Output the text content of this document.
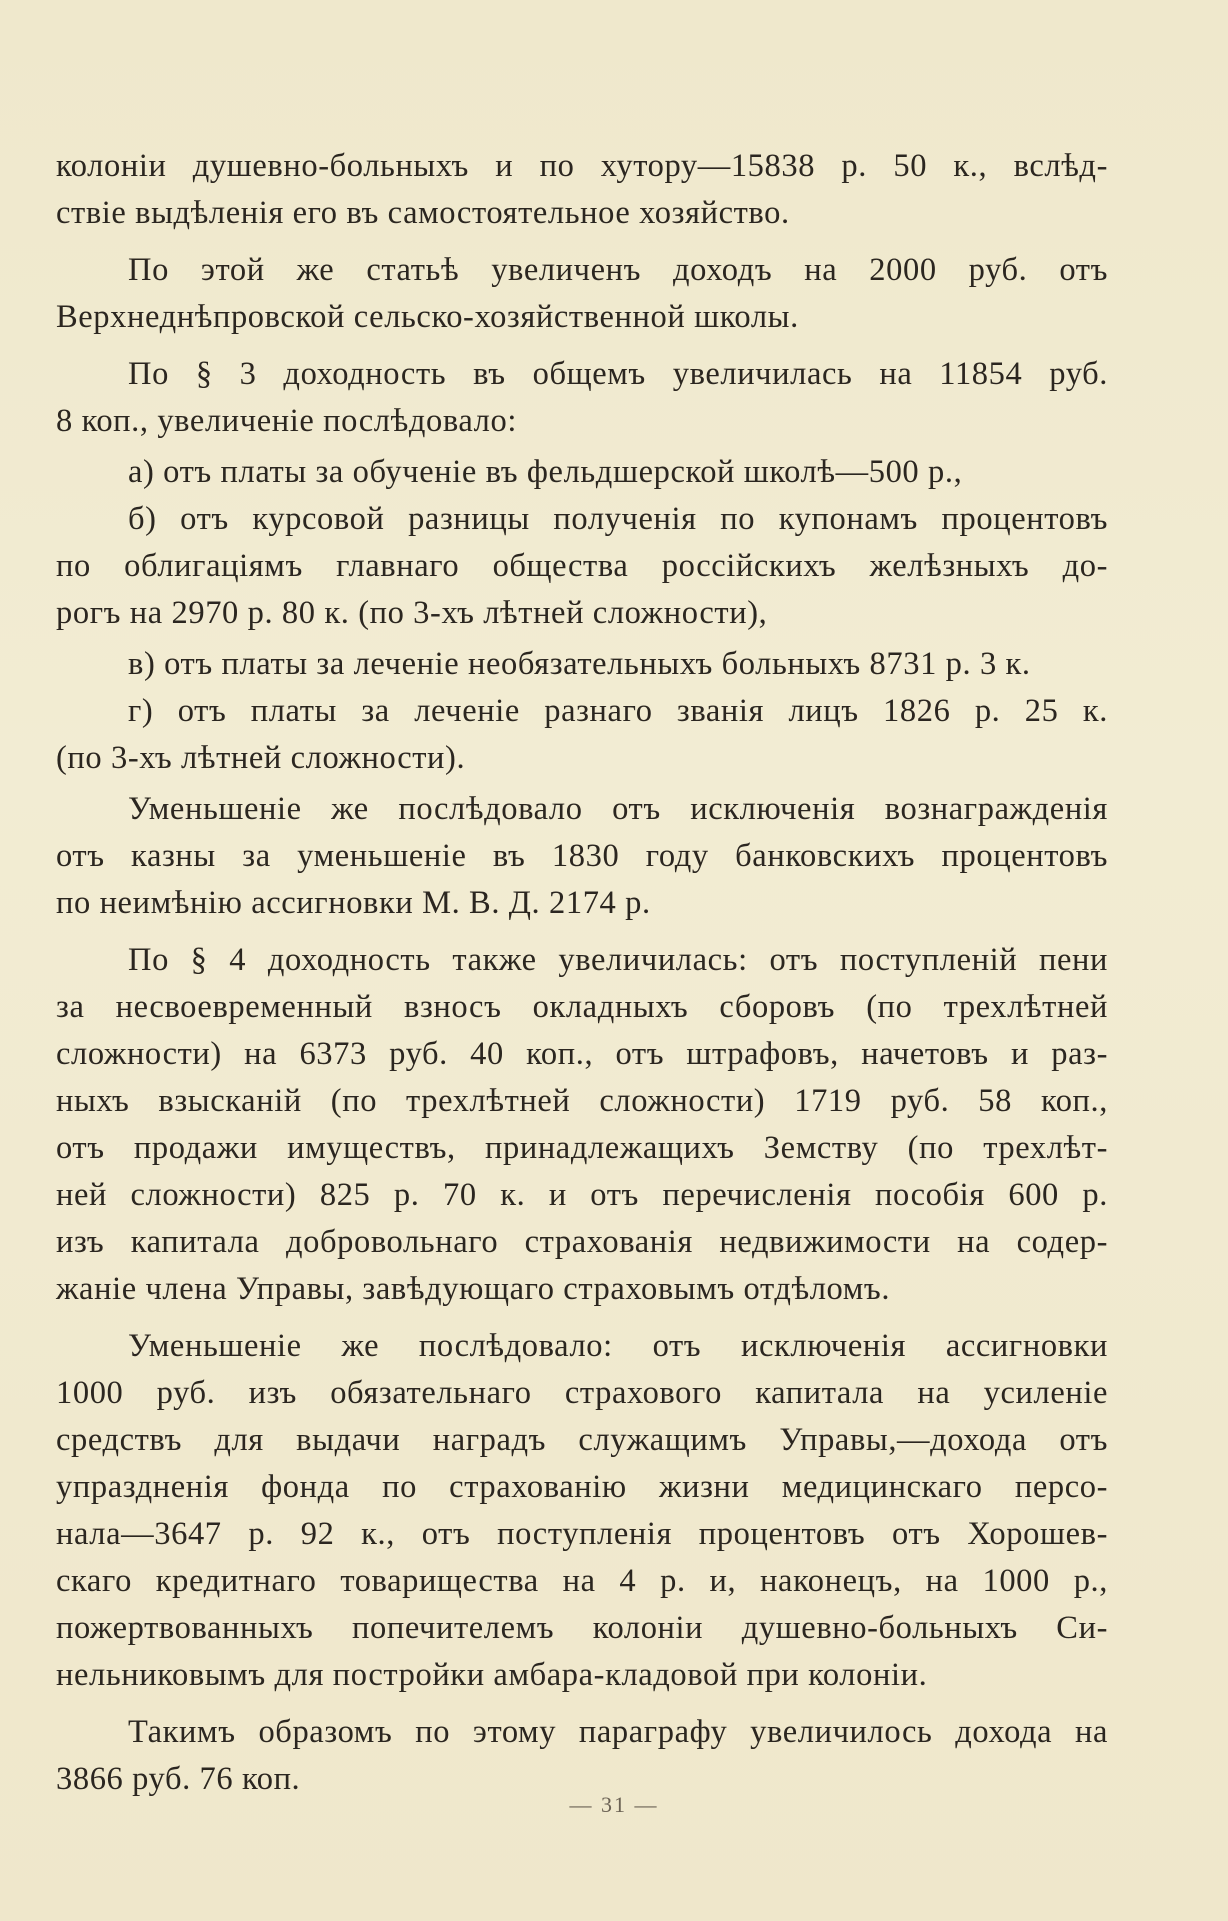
колоніи душевно-больныхъ и по хутору—15838 р. 50 к., вслѣд-
ствіе выдѣленія его въ самостоятельное хозяйство.

По этой же статьѣ увеличенъ доходъ на 2000 руб. отъ
Верхнеднѣпровской сельско-хозяйственной школы.

По § 3 доходность въ общемъ увеличилась на 11854 руб.
8 коп., увеличеніе послѣдовало:

а) отъ платы за обученіе въ фельдшерской школѣ—500 р.,

б) отъ курсовой разницы полученія по купонамъ процентовъ
по облигаціямъ главнаго общества россійскихъ желѣзныхъ до-
рогъ на 2970 р. 80 к. (по 3-хъ лѣтней сложности),

в) отъ платы за леченіе необязательныхъ больныхъ 8731 р. 3 к.

г) отъ платы за леченіе разнаго званія лицъ 1826 р. 25 к.
(по 3-хъ лѣтней сложности).

Уменьшеніе же послѣдовало отъ исключенія вознагражденія
отъ казны за уменьшеніе въ 1830 году банковскихъ процентовъ
по неимѣнію ассигновки М. В. Д. 2174 р.

По § 4 доходность также увеличилась: отъ поступленій пени
за несвоевременный взносъ окладныхъ сборовъ (по трехлѣтней
сложности) на 6373 руб. 40 коп., отъ штрафовъ, начетовъ и раз-
ныхъ взысканій (по трехлѣтней сложности) 1719 руб. 58 коп.,
отъ продажи имуществъ, принадлежащихъ Земству (по трехлѣт-
ней сложности) 825 р. 70 к. и отъ перечисленія пособія 600 р.
изъ капитала добровольнаго страхованія недвижимости на содер-
жаніе члена Управы, завѣдующаго страховымъ отдѣломъ.

Уменьшеніе же послѣдовало: отъ исключенія ассигновки
1000 руб. изъ обязательнаго страхового капитала на усиленіе
средствъ для выдачи наградъ служащимъ Управы,—дохода отъ
упраздненія фонда по страхованію жизни медицинскаго персо-
нала—3647 р. 92 к., отъ поступленія процентовъ отъ Хорошев-
скаго кредитнаго товарищества на 4 р. и, наконецъ, на 1000 р.,
пожертвованныхъ попечителемъ колоніи душевно-больныхъ Си-
нельниковымъ для постройки амбара-кладовой при колоніи.

Такимъ образомъ по этому параграфу увеличилось дохода на
3866 руб. 76 коп.

— 31 —
